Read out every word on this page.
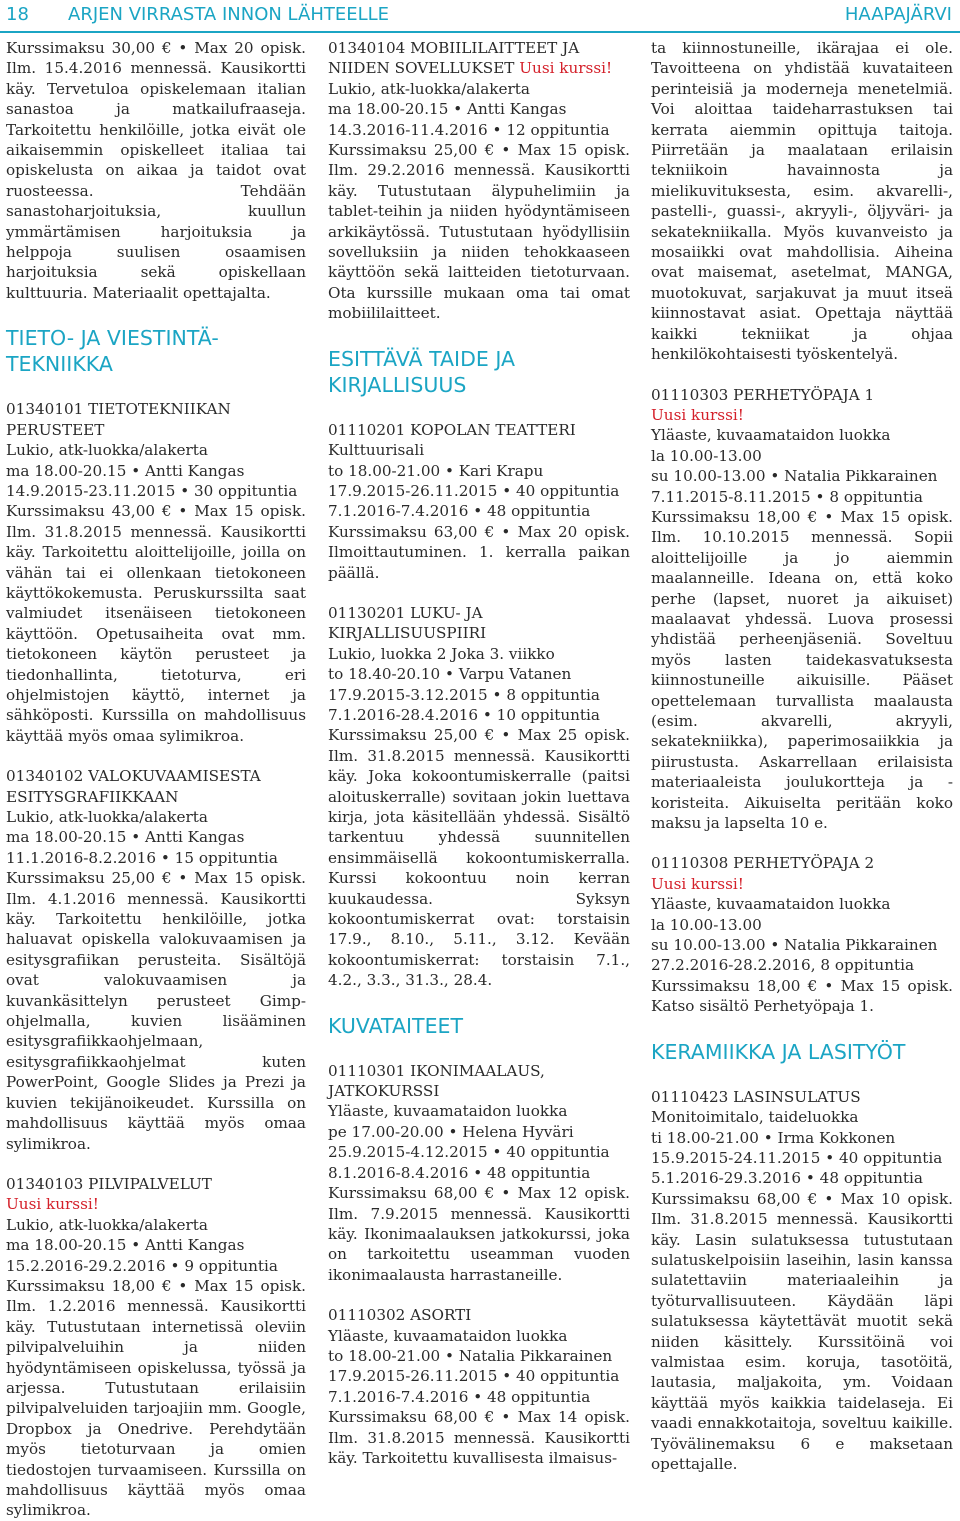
18 ARJEN VIRRASTA INNON LÄHTEELLE	HAAPAJÄRVI

Kurssimaksu 30,00 € • Max 20 opisk. Ilm. 15.4.2016 mennessä. Kausikortti käy. Tervetuloa opiskelemaan italian sanastoa ja matkailufraaseja. Tarkoitettu henkilöille, jotka eivät ole aikaisemmin opiskelleet italiaa tai opiskelusta on aikaa ja taidot ovat ruosteessa. Tehdään sanastoharjoituksia, kuullun ymmärtämisen harjoituksia ja helppoja suulisen osaamisen harjoituksia sekä opiskellaan kulttuuria. Materiaalit opettajalta.

TIETO- JA VIESTINTÄ-TEKNIIKKA
01340101 TIETOTEKNIIKAN PERUSTEET
Lukio, atk-luokka/alakerta
ma 18.00-20.15 • Antti Kangas
14.9.2015-23.11.2015 • 30 oppituntia

Kurssimaksu 43,00 € • Max 15 opisk. Ilm. 31.8.2015 mennessä. Kausikortti käy. Tarkoitettu aloittelijoille, joilla on vähän tai ei ollenkaan tietokoneen käyttökokemusta. Peruskurssilta saat valmiudet itsenäiseen tietokoneen käyttöön. Opetusaiheita ovat mm. tietokoneen käytön perusteet ja tiedonhallinta, tietoturva, eri ohjelmistojen käyttö, internet ja sähköposti. Kurssilla on mahdollisuus käyttää myös omaa sylimikroa.

01340102 VALOKUVAAMISESTA ESITYSGRAFIIKKAAN
Lukio, atk-luokka/alakerta
ma 18.00-20.15 • Antti Kangas
11.1.2016-8.2.2016 • 15 oppituntia

Kurssimaksu 25,00 € • Max 15 opisk. Ilm. 4.1.2016 mennessä. Kausikortti käy. Tarkoitettu henkilöille, jotka haluavat opiskella valokuvaamisen ja esitysgrafiikan perusteita. Sisältöjä ovat valokuvaamisen ja kuvankäsittelyn perusteet Gimp-ohjelmalla, kuvien lisääminen esitysgrafiikkaohjelmaan, esitysgrafiikkaohjelmat kuten PowerPoint, Google Slides ja Prezi ja kuvien tekijänoikeudet. Kurssilla on mahdollisuus käyttää myös omaa sylimikroa.

01340103 PILVIPALVELUT
Uusi kurssi!
Lukio, atk-luokka/alakerta
ma 18.00-20.15 • Antti Kangas
15.2.2016-29.2.2016 • 9 oppituntia

Kurssimaksu 18,00 € • Max 15 opisk. Ilm. 1.2.2016 mennessä. Kausikortti käy. Tutustutaan internetissä oleviin pilvipalveluihin ja niiden hyödyntämiseen opiskelussa, työssä ja arjessa. Tutustutaan erilaisiin pilvipalveluiden tarjoajiin mm. Google, Dropbox ja Onedrive. Perehdytään myös tietoturvaan ja omien tiedostojen turvaamiseen. Kurssilla on mahdollisuus käyttää myös omaa sylimikroa.

01340104 MOBIILILAITTEET JA NIIDEN SOVELLUKSET Uusi kurssi!
Lukio, atk-luokka/alakerta
ma 18.00-20.15 • Antti Kangas
14.3.2016-11.4.2016 • 12 oppituntia

Kurssimaksu 25,00 € • Max 15 opisk. Ilm. 29.2.2016 mennessä. Kausikortti käy. Tutustutaan älypuhelimiin ja tablet-teihin ja niiden hyödyntämiseen arkikäytössä. Tutustutaan hyödyllisiin sovelluksiin ja niiden tehokkaaseen käyttöön sekä laitteiden tietoturvaan. Ota kurssille mukaan oma tai omat mobiililaitteet.

ESITTÄVÄ TAIDE JA KIRJALLISUUS
01110201 KOPOLAN TEATTERI
Kulttuurisali
to 18.00-21.00 • Kari Krapu
17.9.2015-26.11.2015 • 40 oppituntia
7.1.2016-7.4.2016 • 48 oppituntia

Kurssimaksu 63,00 € • Max 20 opisk. Ilmoittautuminen. 1. kerralla paikan päällä.

01130201 LUKU- JA KIRJALLISUUSPIIRI
Lukio, luokka 2 Joka 3. viikko
to 18.40-20.10 • Varpu Vatanen
17.9.2015-3.12.2015 • 8 oppituntia
7.1.2016-28.4.2016 • 10 oppituntia

Kurssimaksu 25,00 € • Max 25 opisk. Ilm. 31.8.2015 mennessä. Kausikortti käy. Joka kokoontumiskerralle (paitsi aloituskerralle) sovitaan jokin luettava kirja, jota käsitellään yhdessä. Sisältö tarkentuu yhdessä suunnitellen ensimmäisellä kokoontumiskerralla. Kurssi kokoontuu noin kerran kuukaudessa. Syksyn kokoontumiskerrat ovat: torstaisin 17.9., 8.10., 5.11., 3.12. Kevään kokoontumiskerrat: torstaisin 7.1., 4.2., 3.3., 31.3., 28.4.

KUVATAITEET
01110301 IKONIMAALAUS, JATKOKURSSI
Yläaste, kuvaamataidon luokka
pe 17.00-20.00 • Helena Hyväri
25.9.2015-4.12.2015 • 40 oppituntia
8.1.2016-8.4.2016 • 48 oppituntia

Kurssimaksu 68,00 € • Max 12 opisk. Ilm. 7.9.2015 mennessä. Kausikortti käy. Ikonimaalauksen jatkokurssi, joka on tarkoitettu useamman vuoden ikonimaalausta harrastaneille.

01110302 ASORTI
Yläaste, kuvaamataidon luokka
to 18.00-21.00 • Natalia Pikkarainen
17.9.2015-26.11.2015 • 40 oppituntia
7.1.2016-7.4.2016 • 48 oppituntia

Kurssimaksu 68,00 € • Max 14 opisk. Ilm. 31.8.2015 mennessä. Kausikortti käy. Tarkoitettu kuvallisesta ilmaisus-

ta kiinnostuneille, ikärajaa ei ole. Tavoitteena on yhdistää kuvataiteen perinteisiä ja moderneja menetelmiä. Voi aloittaa taideharrastuksen tai kerrata aiemmin opittuja taitoja. Piirretään ja maalataan erilaisin tekniikoin havainnosta ja mielikuvituksesta, esim. akvarelli-, pastelli-, guassi-, akryyli-, öljyväri- ja sekatekniikalla. Myös kuvanveisto ja mosaiikki ovat mahdollisia. Aiheina ovat maisemat, asetelmat, MANGA, muotokuvat, sarjakuvat ja muut itseä kiinnostavat asiat. Opettaja näyttää kaikki tekniikat ja ohjaa henkilökohtaisesti työskentelyä.

01110303 PERHETYÖPAJA 1
Uusi kurssi!
Yläaste, kuvaamataidon luokka
la 10.00-13.00
su 10.00-13.00 • Natalia Pikkarainen
7.11.2015-8.11.2015 • 8 oppituntia

Kurssimaksu 18,00 € • Max 15 opisk. Ilm. 10.10.2015 mennessä. Sopii aloittelijoille ja jo aiemmin maalanneille. Ideana on, että koko perhe (lapset, nuoret ja aikuiset) maalaavat yhdessä. Luova prosessi yhdistää perheenjäseniä. Soveltuu myös lasten taidekasvatuksesta kiinnostuneille aikuisille. Pääset opettelemaan turvallista maalausta (esim. akvarelli, akryyli, sekatekniikka), paperimosaiikkia ja piirustusta. Askarrellaan erilaisista materiaaleista joulukortteja ja -koristeita. Aikuiselta peritään koko maksu ja lapselta 10 e.

01110308 PERHETYÖPAJA 2
Uusi kurssi!
Yläaste, kuvaamataidon luokka
la 10.00-13.00
su 10.00-13.00 • Natalia Pikkarainen
27.2.2016-28.2.2016, 8 oppituntia

Kurssimaksu 18,00 € • Max 15 opisk. Katso sisältö Perhetyöpaja 1.

KERAMIIKKA JA LASITYÖT
01110423 LASINSULATUS
Monitoimitalo, taideluokka
ti 18.00-21.00 • Irma Kokkonen
15.9.2015-24.11.2015 • 40 oppituntia
5.1.2016-29.3.2016 • 48 oppituntia

Kurssimaksu 68,00 € • Max 10 opisk. Ilm. 31.8.2015 mennessä. Kausikortti käy. Lasin sulatuksessa tutustutaan sulatuskelpoisiin laseihin, lasin kanssa sulatettaviin materiaaleihin ja työturvallisuuteen. Käydään läpi sulatuksessa käytettävät muotit sekä niiden käsittely. Kurssitöinä voi valmistaa esim. koruja, tasotöitä, lautasia, maljakoita, ym. Voidaan käyttää myös kaikkia taidelaseja. Ei vaadi ennakkotaitoja, soveltuu kaikille. Työvälinemaksu 6 e maksetaan opettajalle.
